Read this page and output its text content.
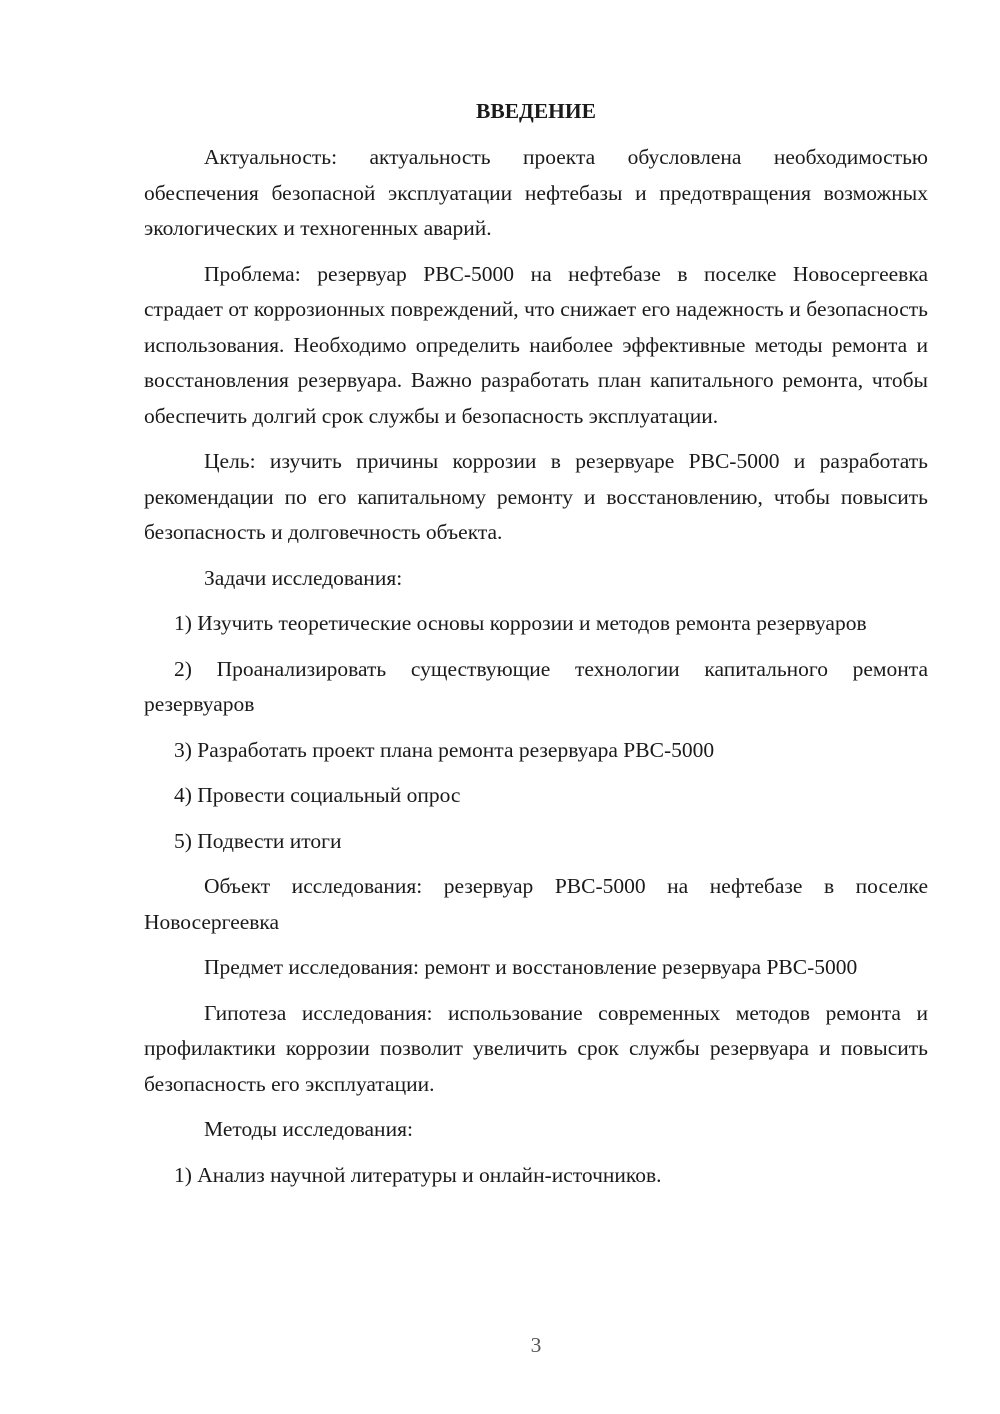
ВВЕДЕНИЕ

Актуальность: актуальность проекта обусловлена необходимостью обеспечения безопасной эксплуатации нефтебазы и предотвращения возможных экологических и техногенных аварий.

Проблема: резервуар РВС-5000 на нефтебазе в поселке Новосергеевка страдает от коррозионных повреждений, что снижает его надежность и безопасность использования. Необходимо определить наиболее эффективные методы ремонта и восстановления резервуара. Важно разработать план капитального ремонта, чтобы обеспечить долгий срок службы и безопасность эксплуатации.

Цель: изучить причины коррозии в резервуаре РВС-5000 и разработать рекомендации по его капитальному ремонту и восстановлению, чтобы повысить безопасность и долговечность объекта.

Задачи исследования:

1) Изучить теоретические основы коррозии и методов ремонта резервуаров

2) Проанализировать существующие технологии капитального ремонта резервуаров

3) Разработать проект плана ремонта резервуара РВС-5000

4) Провести социальный опрос

5) Подвести итоги

Объект исследования: резервуар РВС-5000 на нефтебазе в поселке Новосергеевка

Предмет исследования: ремонт и восстановление резервуара РВС-5000

Гипотеза исследования: использование современных методов ремонта и профилактики коррозии позволит увеличить срок службы резервуара и повысить безопасность его эксплуатации.

Методы исследования:

1) Анализ научной литературы и онлайн-источников.

3
